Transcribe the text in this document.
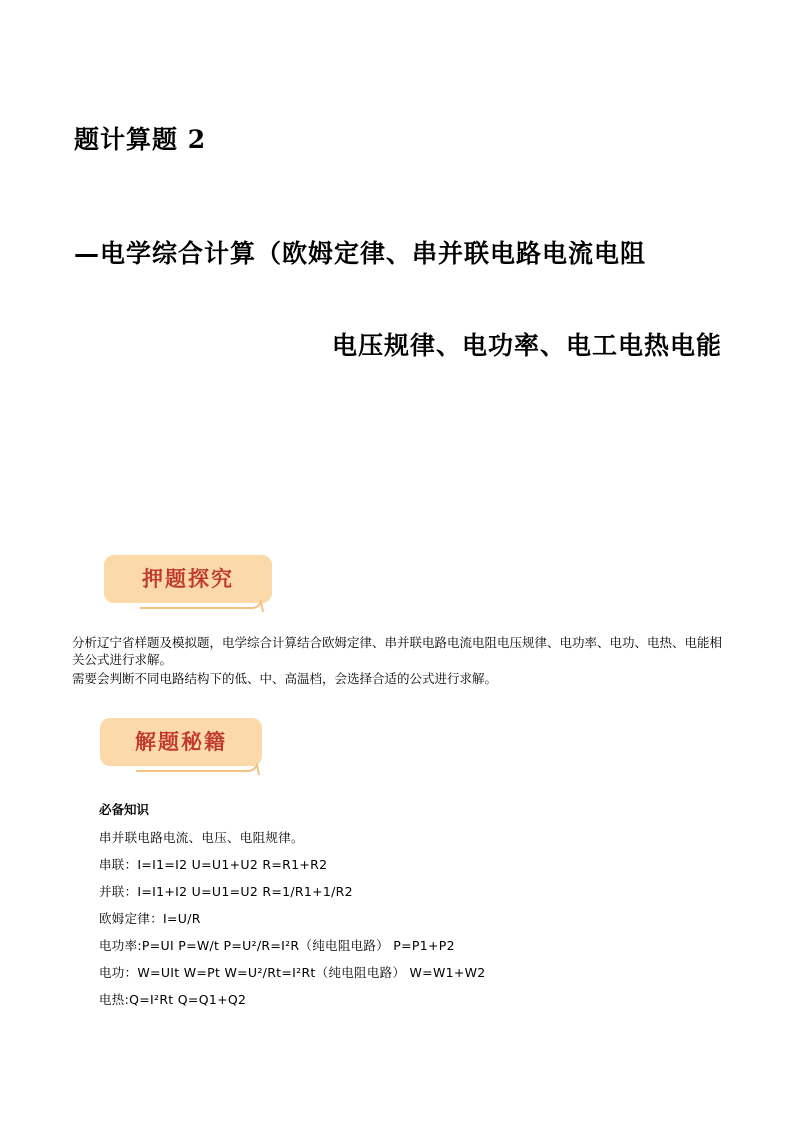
题计算题 2
—电学综合计算（欧姆定律、串并联电路电流电阻
电压规律、电功率、电工电热电能
押题探究
分析辽宁省样题及模拟题，电学综合计算结合欧姆定律、串并联电路电流电阻电压规律、电功率、电功、电热、电能相关公式进行求解。
需要会判断不同电路结构下的低、中、高温档，会选择合适的公式进行求解。
解题秘籍
必备知识
串并联电路电流、电压、电阻规律。
串联：I=I1=I2 U=U1+U2 R=R1+R2
并联：I=I1+I2 U=U1=U2 R=1/R1+1/R2
欧姆定律：I=U/R
电功率:P=UI P=W/t P=U²/R=I²R（纯电阻电路） P=P1+P2
电功：W=UIt W=Pt W=U²/Rt=I²Rt（纯电阻电路） W=W1+W2
电热:Q=I²Rt Q=Q1+Q2
